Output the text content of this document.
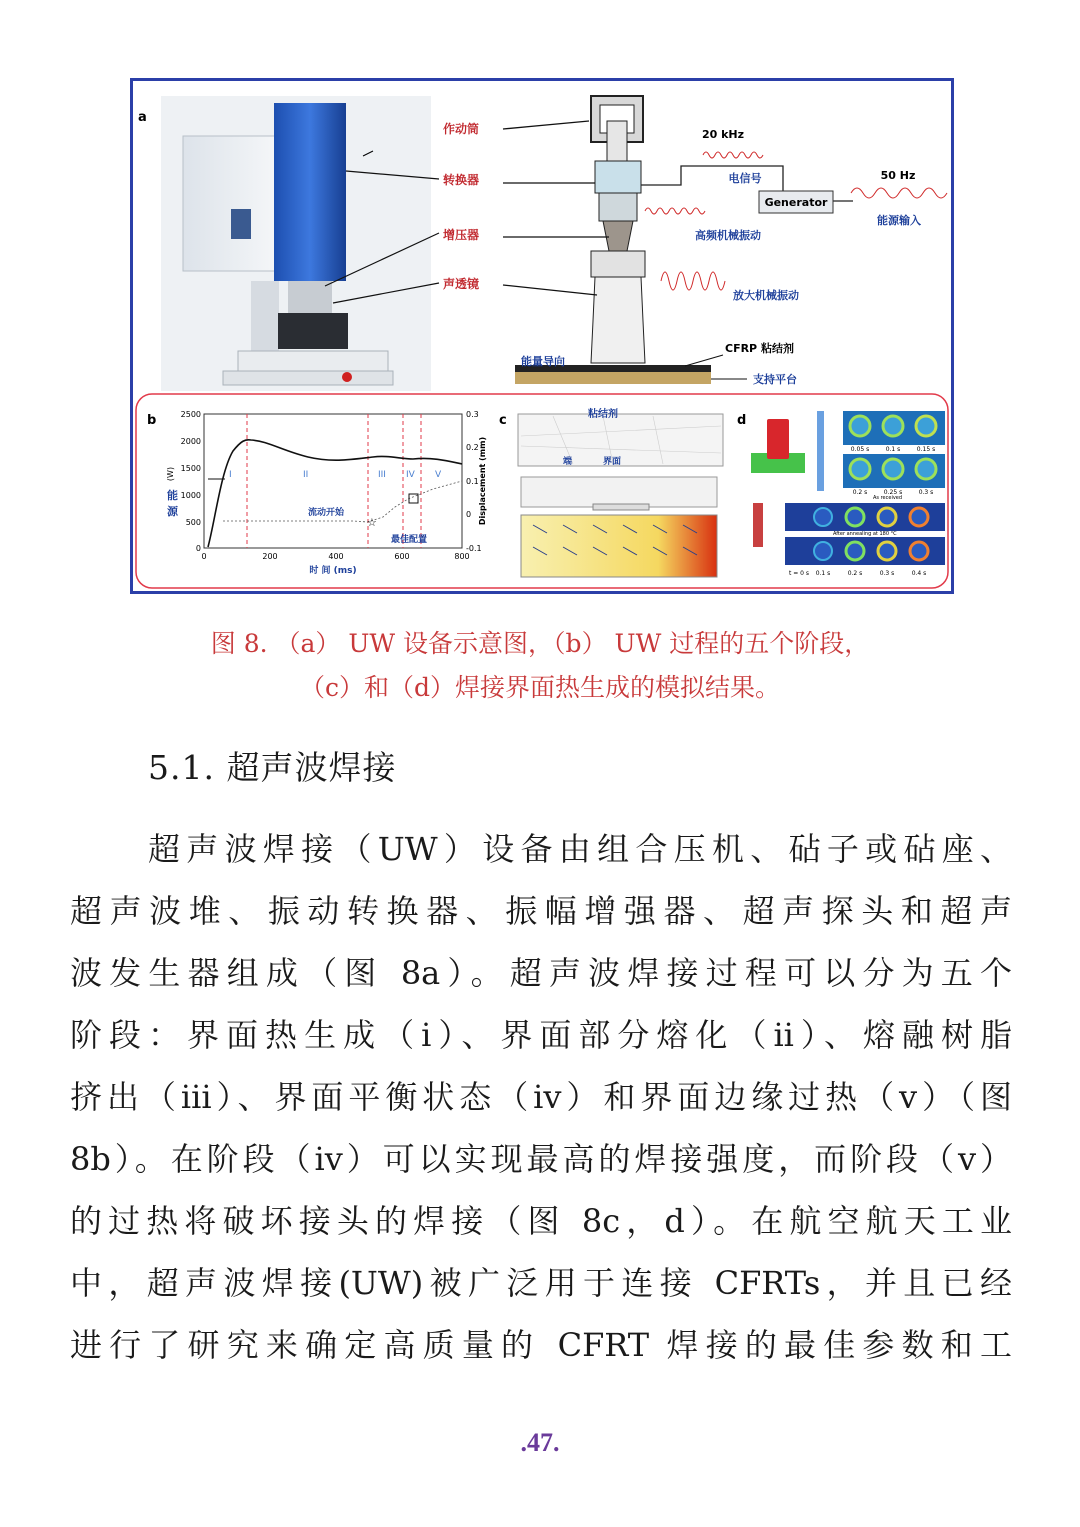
a
作动筒
转换器
增压器
声透镜
20 kHz
电信号
Generator
50 Hz
能源输入
高频机械振动
放大机械振动
CFRP 粘结剂
能量导向
支持平台
b	2500
2000
1500
1000
500
0
0.3
0.2
0.1
0
-0.1
0	200	400	600	800
(W)
能
源
时 间 (ms)
Displacement (mm)
I	II	III IV V
流动开始
☆
最佳配置
c	粘结剂
端	界面
d
0.05 s	0.1 s	0.15 s
0.2 s	0.25 s	0.3 s
As received
After annealing at 180 °C
t = 0 s 0.1 s	0.2 s	0.3 s	0.4 s
图 8. （a） UW 设备示意图，（b） UW 过程的五个阶段，
（c）和（d）焊接界面热生成的模拟结果。
5.1. 超声波焊接
超声波焊接（UW）设备由组合压机、砧子或砧座、
超声波堆、振动转换器、振幅增强器、超声探头和超声
波发生器组成（图 8a）。超声波焊接过程可以分为五个
阶段：界面热生成（i）、界面部分熔化（ii）、熔融树脂
挤出（iii）、界面平衡状态（iv）和界面边缘过热（v）（图
8b）。在阶段（iv）可以实现最高的焊接强度，而阶段（v）
的过热将破坏接头的焊接（图 8c，d）。在航空航天工业
中，超声波焊接(UW)被广泛用于连接 CFRTs，并且已经
进行了研究来确定高质量的 CFRT 焊接的最佳参数和工
.47.
